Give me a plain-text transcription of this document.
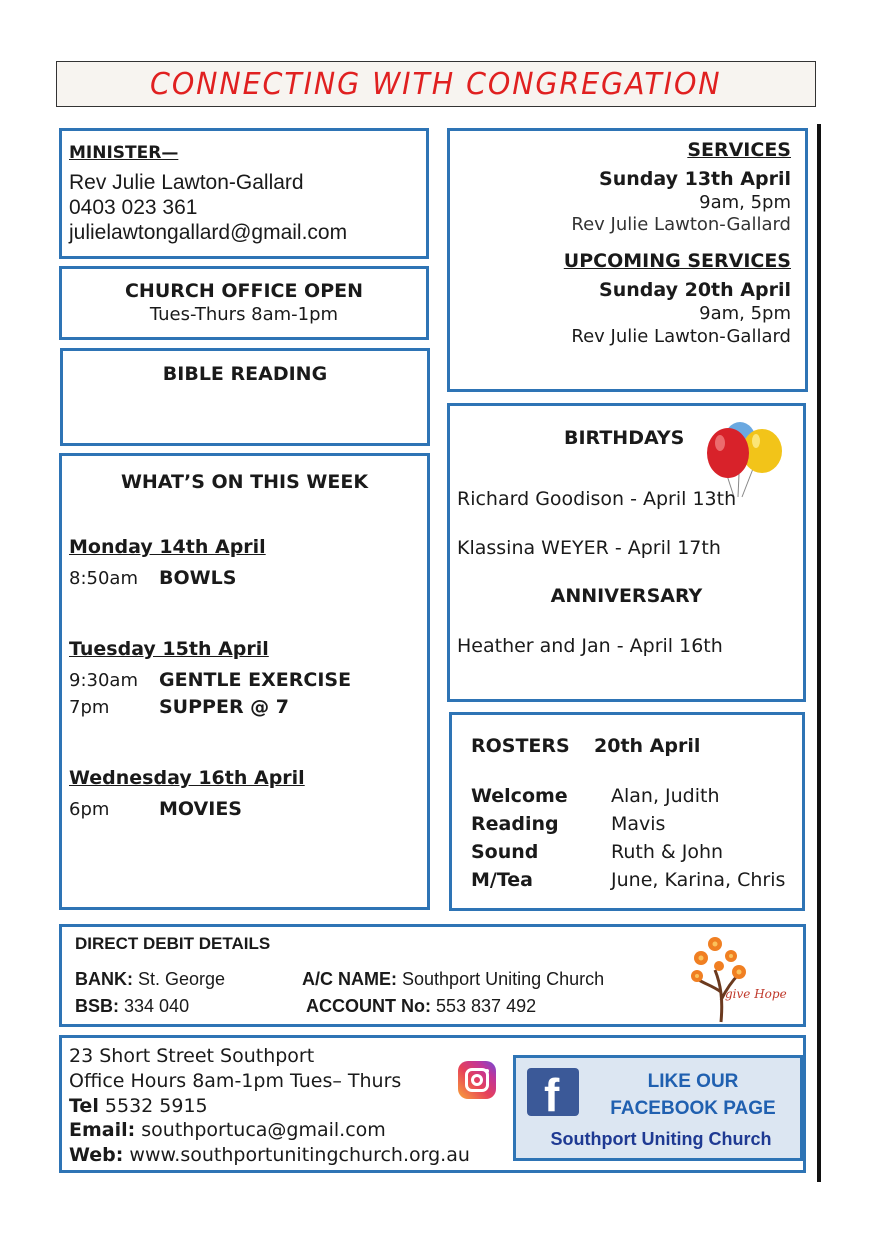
CONNECTING WITH CONGREGATION
MINISTER—
Rev Julie Lawton-Gallard
0403 023 361
julielawtongallard@gmail.com
CHURCH OFFICE OPEN
Tues-Thurs 8am-1pm
BIBLE READING
WHAT’S ON THIS WEEK
Monday 14th April
8:50am BOWLS
Tuesday 15th April
9:30am GENTLE EXERCISE
7pm	SUPPER @ 7
Wednesday 16th April
6pm	MOVIES
SERVICES
Sunday 13th April
9am, 5pm
Rev Julie Lawton-Gallard
UPCOMING SERVICES
Sunday 20th April
9am, 5pm
Rev Julie Lawton-Gallard
BIRTHDAYS
Richard Goodison - April 13th
Klassina WEYER - April 17th
ANNIVERSARY
Heather and Jan - April 16th
ROSTERS 20th April
Welcome Alan, Judith
Reading	Mavis
Sound	Ruth & John
M/Tea	June, Karina, Chris
DIRECT DEBIT DETAILS
BANK: St. George	A/C NAME: Southport Uniting Church
BSB: 334 040	ACCOUNT No: 553 837 492
give Hope
23 Short Street Southport
Office Hours 8am-1pm Tues– Thurs
Tel 5532 5915
Email: southportuca@gmail.com
Web: www.southportunitingchurch.org.au
f	LIKE OUR
FACEBOOK PAGE
Southport Uniting Church
